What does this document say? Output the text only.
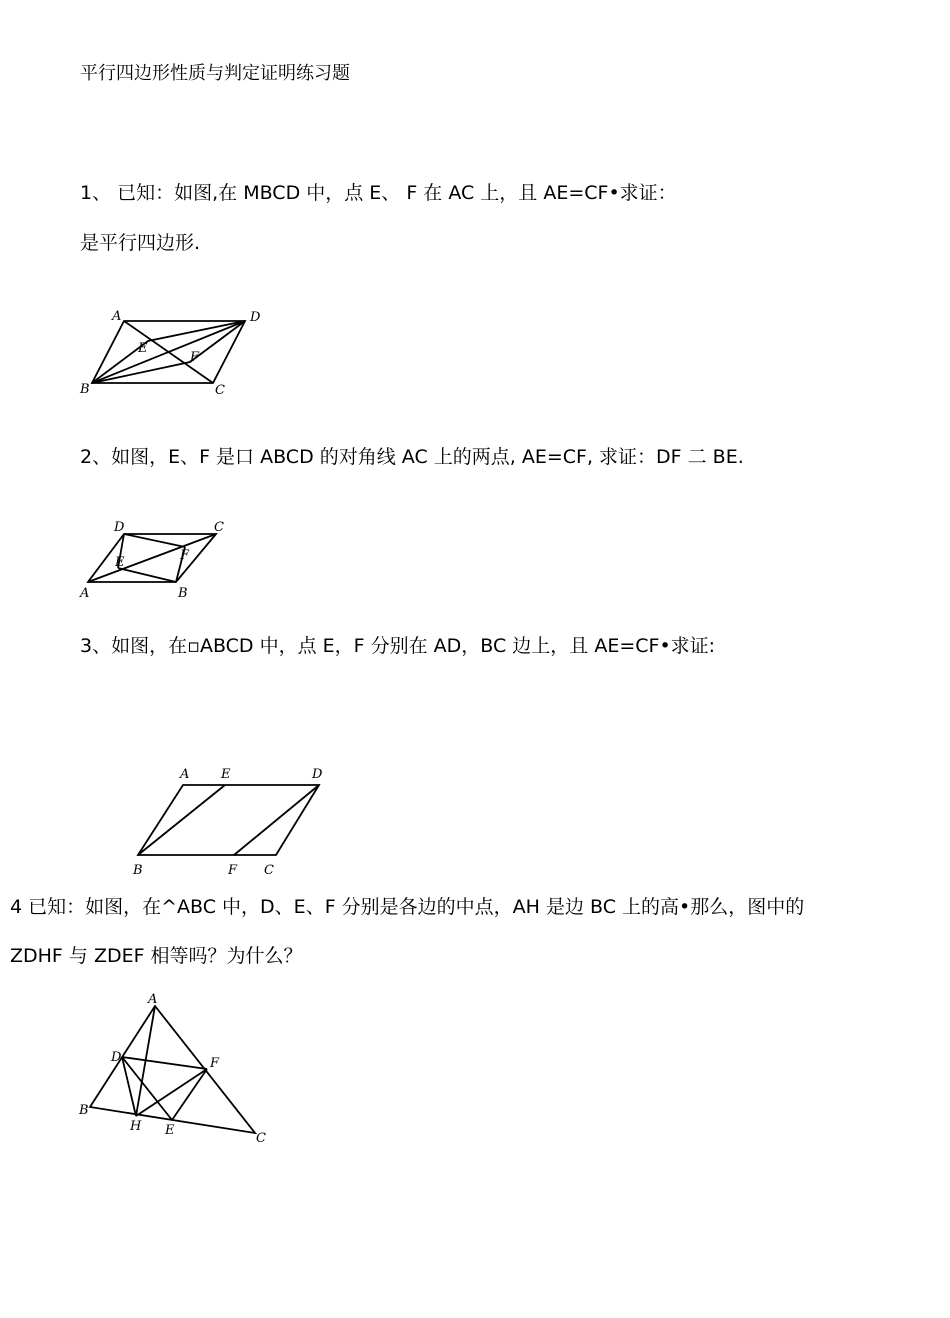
平行四边形性质与判定证明练习题
1、 已知：如图,在 MBCD 中，点 E、 F 在 AC 上，且 AE=CF•求证：
是平行四边形.
A	D
E
F
B	C
2、如图，E、F 是口 ABCD 的对角线 AC 上的两点, AE=CF, 求证：DF 二 BE.
D	C
E	F
A	B
3、如图，在▫ABCD 中，点 E，F 分别在 AD，BC 边上，且 AE=CF•求证:
A E	D
B	F C
4 已知：如图，在^ABC 中，D、E、F 分别是各边的中点，AH 是边 BC 上的高•那么，图中的
ZDHF 与 ZDEF 相等吗？为什么？
A
D	F
B
H E
C
